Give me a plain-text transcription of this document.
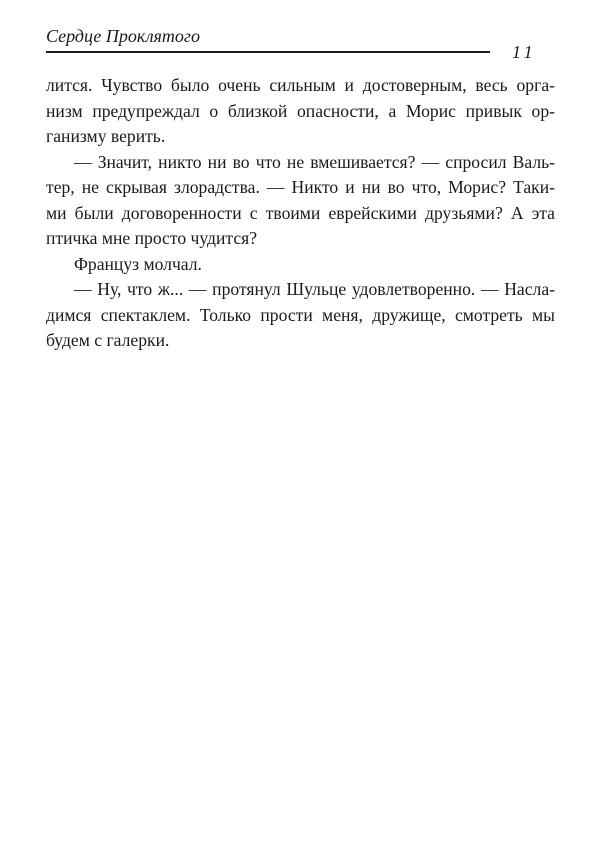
Сердце Проклятого
11
лится. Чувство было очень сильным и достоверным, весь орга-
низм предупреждал о близкой опасности, а Морис привык ор-
ганизму верить.
— Значит, никто ни во что не вмешивается? — спросил Валь-
тер, не скрывая злорадства. — Никто и ни во что, Морис? Таки-
ми были договоренности с твоими еврейскими друзьями? А эта
птичка мне просто чудится?
Француз молчал.
— Ну, что ж... — протянул Шульце удовлетворенно. — Насла-
димся спектаклем. Только прости меня, дружище, смотреть мы
будем с галерки.
